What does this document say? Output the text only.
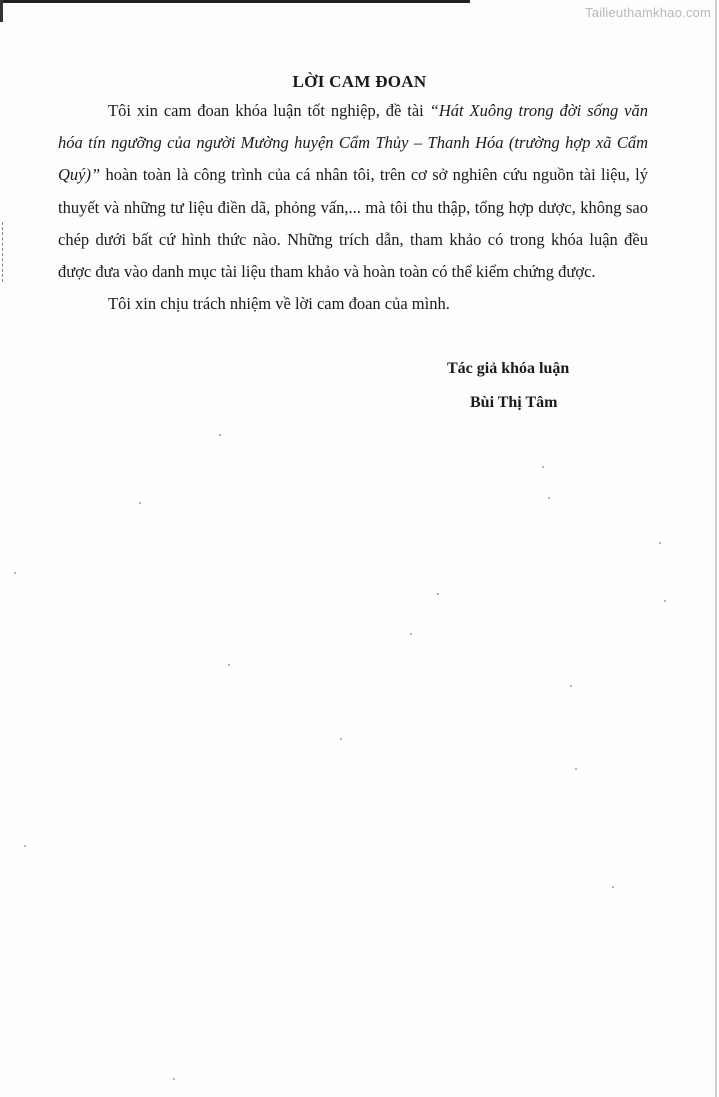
Tailieuthamkhao.com
LỜI CAM ĐOAN

Tôi xin cam đoan khóa luận tốt nghiệp, đề tài “Hát Xuông trong đời sống văn hóa tín ngưỡng của người Mường huyện Cẩm Thủy – Thanh Hóa (trường hợp xã Cẩm Quý)” hoàn toàn là công trình của cá nhân tôi, trên cơ sở nghiên cứu nguồn tài liệu, lý thuyết và những tư liệu điền dã, phỏng vấn,... mà tôi thu thập, tổng hợp dược, không sao chép dưới bất cứ hình thức nào. Những trích dẫn, tham khảo có trong khóa luận đều được đưa vào danh mục tài liệu tham khảo và hoàn toàn có thể kiểm chứng được.

Tôi xin chịu trách nhiệm về lời cam đoan của mình.

Tác giả khóa luận
Bùi Thị Tâm
